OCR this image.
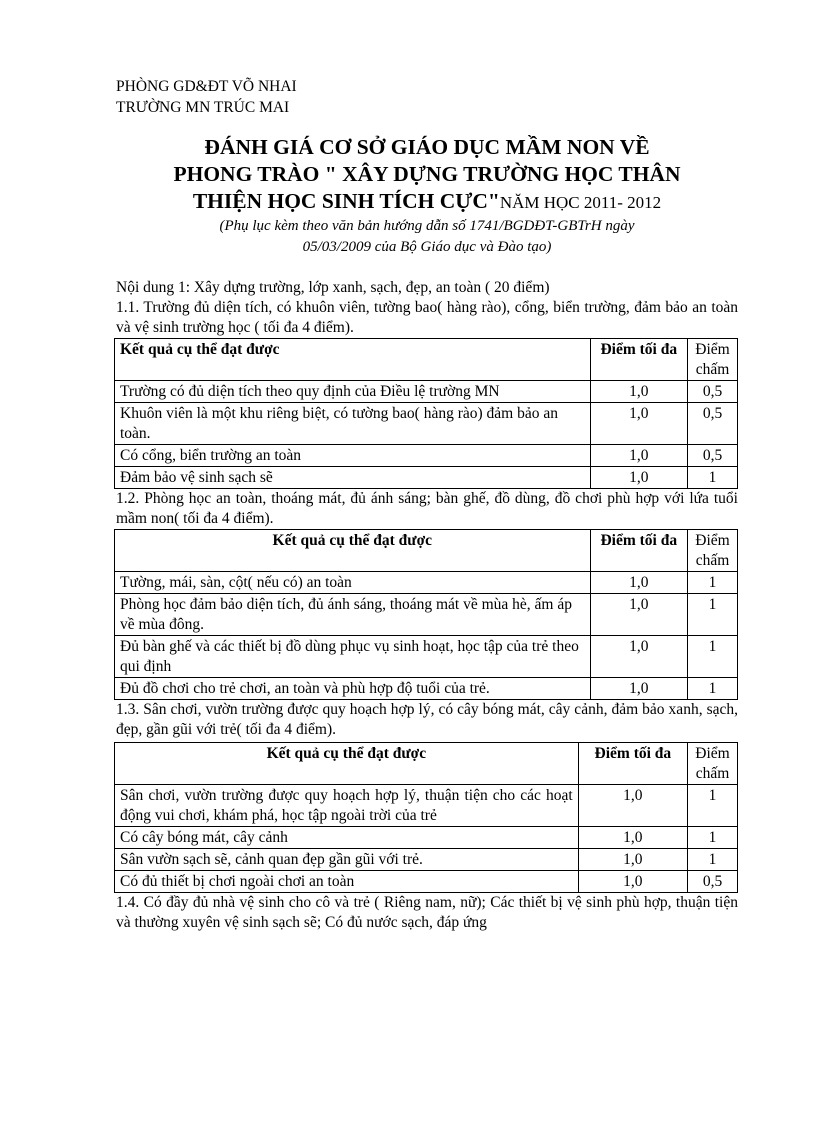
PHÒNG GD&ĐT VÕ NHAI
TRƯỜNG MN TRÚC MAI
ĐÁNH GIÁ CƠ SỞ GIÁO DỤC MẦM NON VỀ
PHONG TRÀO " XÂY DỰNG TRƯỜNG HỌC THÂN
THIỆN HỌC SINH TÍCH CỰC"NĂM HỌC 2011- 2012
(Phụ lục kèm theo văn bản hướng dẫn số 1741/BGDĐT-GBTrH ngày
05/03/2009 của Bộ Giáo dục và Đào tạo)
Nội dung 1: Xây dựng trường, lớp xanh, sạch, đẹp, an toàn ( 20 điểm)
1.1. Trường đủ diện tích, có khuôn viên, tường bao( hàng rào), cổng, biển trường, đảm bảo an toàn và vệ sinh trường học ( tối đa 4 điểm).
Kết quả cụ thể đạt được	Điểm tối đa	Điểm chấm
Trường có đủ diện tích theo quy định của Điều lệ trường MN	1,0	0,5
Khuôn viên là một khu riêng biệt, có tường bao( hàng rào) đảm bảo an toàn.	1,0	0,5
Có cổng, biển trường an toàn	1,0	0,5
Đảm bảo vệ sinh sạch sẽ	1,0	1
1.2. Phòng học an toàn, thoáng mát, đủ ánh sáng; bàn ghế, đồ dùng, đồ chơi phù hợp với lứa tuổi mầm non( tối đa 4 điểm).
Kết quả cụ thể đạt được	Điểm tối đa	Điểm chấm
Tường, mái, sàn, cột( nếu có) an toàn	1,0	1
Phòng học đảm bảo diện tích, đủ ánh sáng, thoáng mát về mùa hè, ấm áp về mùa đông.	1,0	1
Đủ bàn ghế và các thiết bị đồ dùng phục vụ sinh hoạt, học tập của trẻ theo qui định	1,0	1
Đủ đồ chơi cho trẻ chơi, an toàn và phù hợp độ tuổi của trẻ.	1,0	1
1.3. Sân chơi, vườn trường được quy hoạch hợp lý, có cây bóng mát, cây cảnh, đảm bảo xanh, sạch, đẹp, gần gũi với trẻ( tối đa 4 điểm).
Kết quả cụ thể đạt được	Điểm tối đa	Điểm chấm
Sân chơi, vườn trường được quy hoạch hợp lý, thuận tiện cho các hoạt động vui chơi, khám phá, học tập ngoài trời của trẻ	1,0	1
Có cây bóng mát, cây cảnh	1,0	1
Sân vườn sạch sẽ, cảnh quan đẹp gần gũi với trẻ.	1,0	1
Có đủ thiết bị chơi ngoài chơi an toàn	1,0	0,5
1.4. Có đầy đủ nhà vệ sinh cho cô và trẻ ( Riêng nam, nữ); Các thiết bị vệ sinh phù hợp, thuận tiện và thường xuyên vệ sinh sạch sẽ; Có đủ nước sạch, đáp ứng
